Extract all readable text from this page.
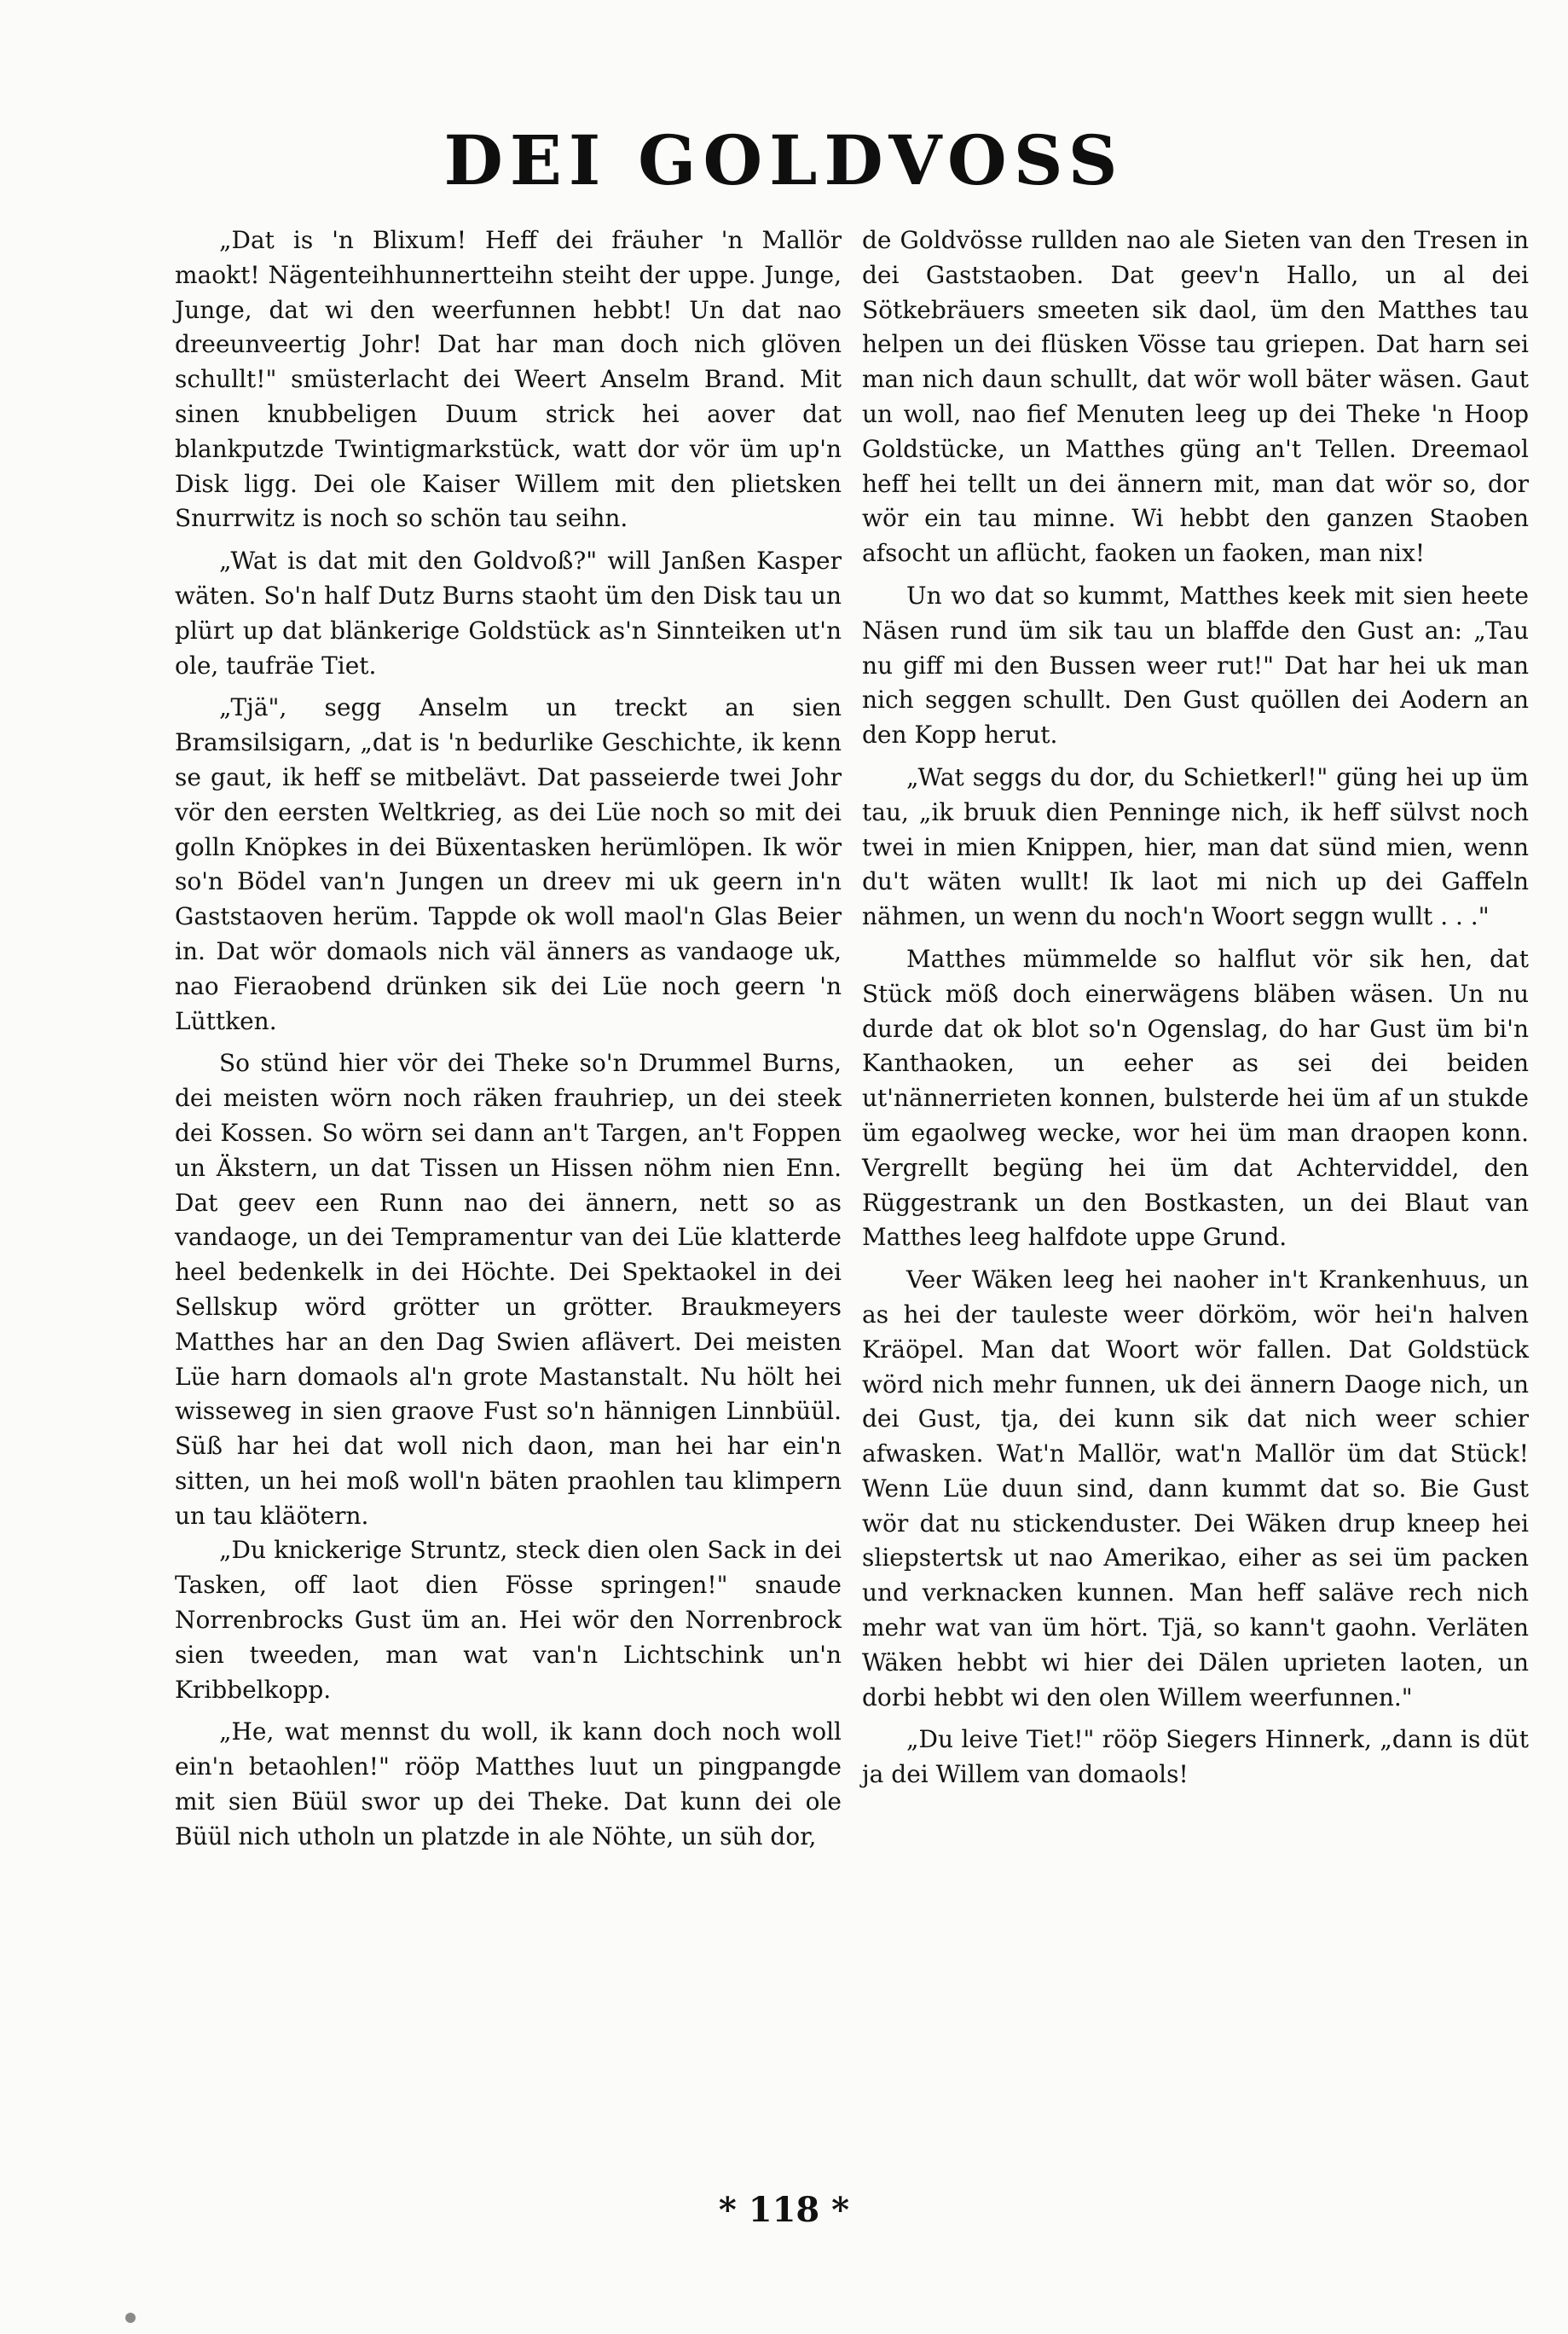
DEI GOLDVOSS

„Dat is 'n Blixum! Heff dei fräuher 'n Mallör maokt! Nägenteihhunnertteihn steiht der uppe. Junge, Junge, dat wi den weerfunnen hebbt! Un dat nao dreeunveertig Johr! Dat har man doch nich glöven schullt!" smüsterlacht dei Weert Anselm Brand. Mit sinen knubbeligen Duum strick hei aover dat blankputzde Twintigmarkstück, watt dor vör üm up'n Disk ligg. Dei ole Kaiser Willem mit den plietsken Snurrwitz is noch so schön tau seihn.

„Wat is dat mit den Goldvoß?" will Janßen Kasper wäten. So'n half Dutz Burns staoht üm den Disk tau un plürt up dat blänkerige Goldstück as'n Sinnteiken ut'n ole, taufräe Tiet.

„Tjä", segg Anselm un treckt an sien Bramsilsigarn, „dat is 'n bedurlike Geschichte, ik kenn se gaut, ik heff se mitbelävt. Dat passeierde twei Johr vör den eersten Weltkrieg, as dei Lüe noch so mit dei golln Knöpkes in dei Büxentasken herümlöpen. Ik wör so'n Bödel van'n Jungen un dreev mi uk geern in'n Gaststaoven herüm. Tappde ok woll maol'n Glas Beier in. Dat wör domaols nich väl änners as vandaoge uk, nao Fieraobend drünken sik dei Lüe noch geern 'n Lüttken.

So stünd hier vör dei Theke so'n Drummel Burns, dei meisten wörn noch räken frauhriep, un dei steek dei Kossen. So wörn sei dann an't Targen, an't Foppen un Äkstern, un dat Tissen un Hissen nöhm nien Enn. Dat geev een Runn nao dei ännern, nett so as vandaoge, un dei Tempramentur van dei Lüe klatterde heel bedenkelk in dei Höchte. Dei Spektaokel in dei Sellskup wörd grötter un grötter. Braukmeyers Matthes har an den Dag Swien aflävert. Dei meisten Lüe harn domaols al'n grote Mastanstalt. Nu hölt hei wisseweg in sien graove Fust so'n hännigen Linnbüül. Süß har hei dat woll nich daon, man hei har ein'n sitten, un hei moß woll'n bäten praohlen tau klimpern un tau kläötern.

„Du knickerige Struntz, steck dien olen Sack in dei Tasken, off laot dien Fösse springen!" snaude Norrenbrocks Gust üm an. Hei wör den Norrenbrock sien tweeden, man wat van'n Lichtschink un'n Kribbelkopp.

„He, wat mennst du woll, ik kann doch noch woll ein'n betaohlen!" rööp Matthes luut un pingpangde mit sien Büül swor up dei Theke. Dat kunn dei ole Büül nich utholn un platzde in ale Nöhte, un süh dor,

de Goldvösse rullden nao ale Sieten van den Tresen in dei Gaststaoben. Dat geev'n Hallo, un al dei Sötkebräuers smeeten sik daol, üm den Matthes tau helpen un dei flüsken Vösse tau griepen. Dat harn sei man nich daun schullt, dat wör woll bäter wäsen. Gaut un woll, nao fief Menuten leeg up dei Theke 'n Hoop Goldstücke, un Matthes güng an't Tellen. Dreemaol heff hei tellt un dei ännern mit, man dat wör so, dor wör ein tau minne. Wi hebbt den ganzen Staoben afsocht un aflücht, faoken un faoken, man nix!

Un wo dat so kummt, Matthes keek mit sien heete Näsen rund üm sik tau un blaffde den Gust an: „Tau nu giff mi den Bussen weer rut!" Dat har hei uk man nich seggen schullt. Den Gust quöllen dei Aodern an den Kopp herut.

„Wat seggs du dor, du Schietkerl!" güng hei up üm tau, „ik bruuk dien Penninge nich, ik heff sülvst noch twei in mien Knippen, hier, man dat sünd mien, wenn du't wäten wullt! Ik laot mi nich up dei Gaffeln nähmen, un wenn du noch'n Woort seggn wullt . . ."

Matthes mümmelde so halflut vör sik hen, dat Stück möß doch einerwägens bläben wäsen. Un nu durde dat ok blot so'n Ogenslag, do har Gust üm bi'n Kanthaoken, un eeher as sei dei beiden ut'nännerrieten konnen, bulsterde hei üm af un stukde üm egaolweg wecke, wor hei üm man draopen konn. Vergrellt begüng hei üm dat Achterviddel, den Rüggestrank un den Bostkasten, un dei Blaut van Matthes leeg halfdote uppe Grund.

Veer Wäken leeg hei naoher in't Krankenhuus, un as hei der tauleste weer dörköm, wör hei'n halven Kräöpel. Man dat Woort wör fallen. Dat Goldstück wörd nich mehr funnen, uk dei ännern Daoge nich, un dei Gust, tja, dei kunn sik dat nich weer schier afwasken. Wat'n Mallör, wat'n Mallör üm dat Stück! Wenn Lüe duun sind, dann kummt dat so. Bie Gust wör dat nu stickenduster. Dei Wäken drup kneep hei sliepstertsk ut nao Amerikao, eiher as sei üm packen und verknacken kunnen. Man heff saläve rech nich mehr wat van üm hört. Tjä, so kann't gaohn. Verläten Wäken hebbt wi hier dei Dälen uprieten laoten, un dorbi hebbt wi den olen Willem weerfunnen."

„Du leive Tiet!" rööp Siegers Hinnerk, „dann is düt ja dei Willem van domaols!

* 118 *
